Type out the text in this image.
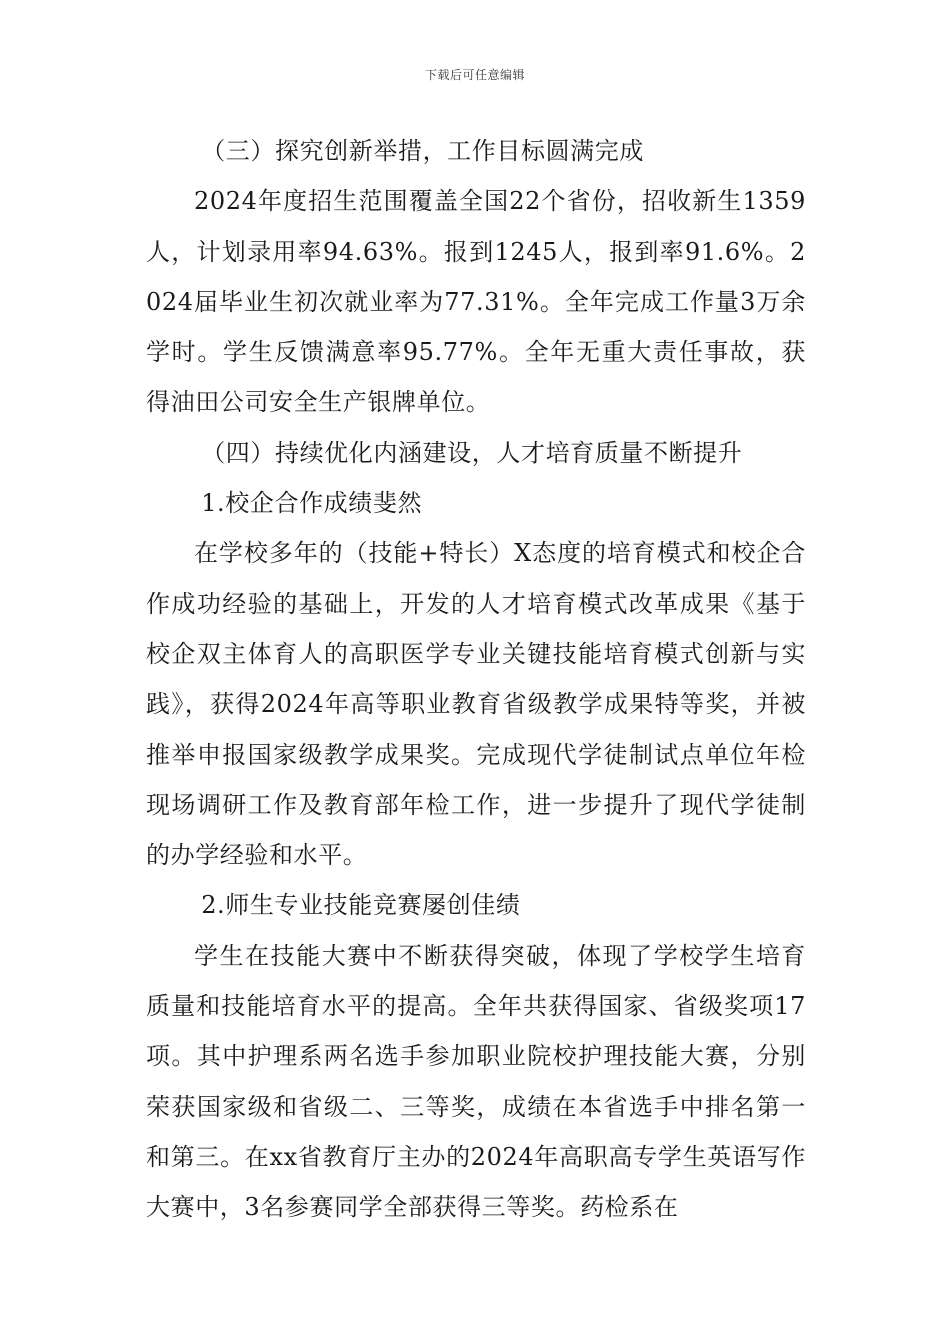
下载后可任意编辑

（三）探究创新举措，工作目标圆满完成

2024年度招生范围覆盖全国22个省份，招收新生1359人，计划录用率94.63%。报到1245人，报到率91.6%。2024届毕业生初次就业率为77.31%。全年完成工作量3万余学时。学生反馈满意率95.77%。全年无重大责任事故，获得油田公司安全生产银牌单位。

（四）持续优化内涵建设，人才培育质量不断提升

1.校企合作成绩斐然

在学校多年的（技能+特长）X态度的培育模式和校企合作成功经验的基础上，开发的人才培育模式改革成果《基于校企双主体育人的高职医学专业关键技能培育模式创新与实践》，获得2024年高等职业教育省级教学成果特等奖，并被推举申报国家级教学成果奖。完成现代学徒制试点单位年检现场调研工作及教育部年检工作，进一步提升了现代学徒制的办学经验和水平。

2.师生专业技能竞赛屡创佳绩

学生在技能大赛中不断获得突破，体现了学校学生培育质量和技能培育水平的提高。全年共获得国家、省级奖项17项。其中护理系两名选手参加职业院校护理技能大赛，分别荣获国家级和省级二、三等奖，成绩在本省选手中排名第一和第三。在xx省教育厅主办的2024年高职高专学生英语写作大赛中，3名参赛同学全部获得三等奖。药检系在
